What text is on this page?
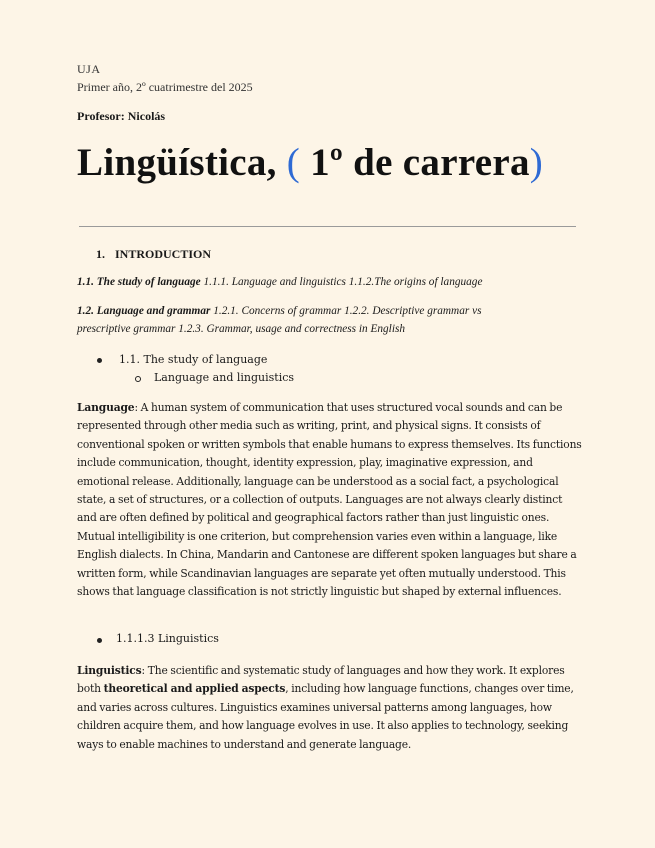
UJA
Primer año, 2º cuatrimestre del 2025
Profesor: Nicolás
Lingüística, ( 1º de carrera)
1. INTRODUCTION
1.1. The study of language 1.1.1. Language and linguistics 1.1.2.The origins of language
1.2. Language and grammar 1.2.1. Concerns of grammar 1.2.2. Descriptive grammar vs
prescriptive grammar 1.2.3. Grammar, usage and correctness in English
1.1. The study of language
Language and linguistics
Language: A human system of communication that uses structured vocal sounds and can be represented through other media such as writing, print, and physical signs. It consists of conventional spoken or written symbols that enable humans to express themselves. Its functions include communication, thought, identity expression, play, imaginative expression, and emotional release. Additionally, language can be understood as a social fact, a psychological state, a set of structures, or a collection of outputs. Languages are not always clearly distinct and are often defined by political and geographical factors rather than just linguistic ones. Mutual intelligibility is one criterion, but comprehension varies even within a language, like English dialects. In China, Mandarin and Cantonese are different spoken languages but share a written form, while Scandinavian languages are separate yet often mutually understood. This shows that language classification is not strictly linguistic but shaped by external influences.
1.1.1.3 Linguistics
Linguistics: The scientific and systematic study of languages and how they work. It explores both theoretical and applied aspects, including how language functions, changes over time, and varies across cultures. Linguistics examines universal patterns among languages, how children acquire them, and how language evolves in use. It also applies to technology, seeking ways to enable machines to understand and generate language.
